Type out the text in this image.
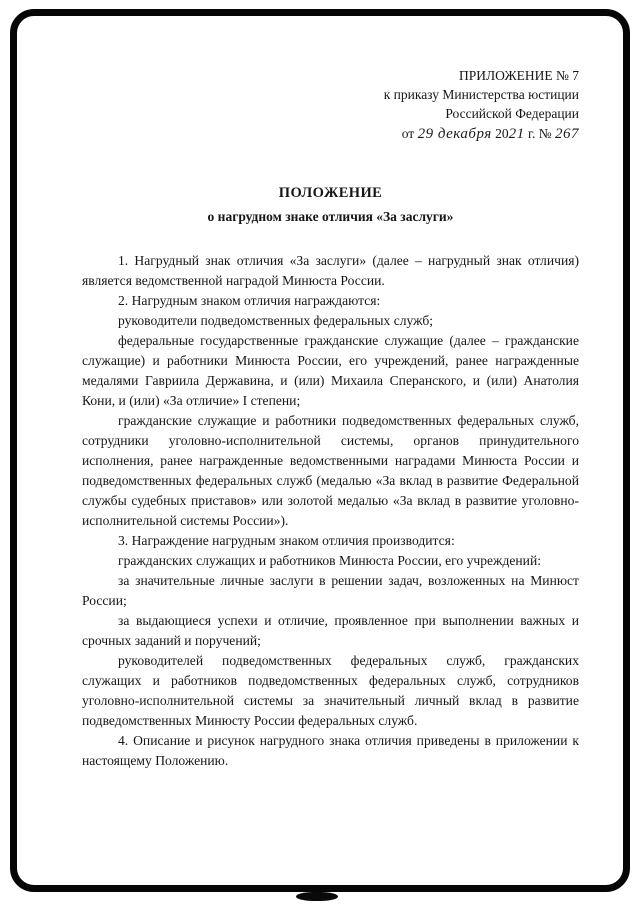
ПРИЛОЖЕНИЕ № 7
к приказу Министерства юстиции
Российской Федерации
от 29 декабря 2021 г. № 267
ПОЛОЖЕНИЕ
о нагрудном знаке отличия «За заслуги»

1. Нагрудный знак отличия «За заслуги» (далее – нагрудный знак отличия) является ведомственной наградой Минюста России.

2. Нагрудным знаком отличия награждаются:

руководители подведомственных федеральных служб;

федеральные государственные гражданские служащие (далее – гражданские служащие) и работники Минюста России, его учреждений, ранее награжденные медалями Гавриила Державина, и (или) Михаила Сперанского, и (или) Анатолия Кони, и (или) «За отличие» I степени;

гражданские служащие и работники подведомственных федеральных служб, сотрудники уголовно-исполнительной системы, органов принудительного исполнения, ранее награжденные ведомственными наградами Минюста России и подведомственных федеральных служб (медалью «За вклад в развитие Федеральной службы судебных приставов» или золотой медалью «За вклад в развитие уголовно-исполнительной системы России»).

3. Награждение нагрудным знаком отличия производится:

гражданских служащих и работников Минюста России, его учреждений:

за значительные личные заслуги в решении задач, возложенных на Минюст России;

за выдающиеся успехи и отличие, проявленное при выполнении важных и срочных заданий и поручений;

руководителей подведомственных федеральных служб, гражданских служащих и работников подведомственных федеральных служб, сотрудников уголовно-исполнительной системы за значительный личный вклад в развитие подведомственных Минюсту России федеральных служб.

4. Описание и рисунок нагрудного знака отличия приведены в приложении к настоящему Положению.
